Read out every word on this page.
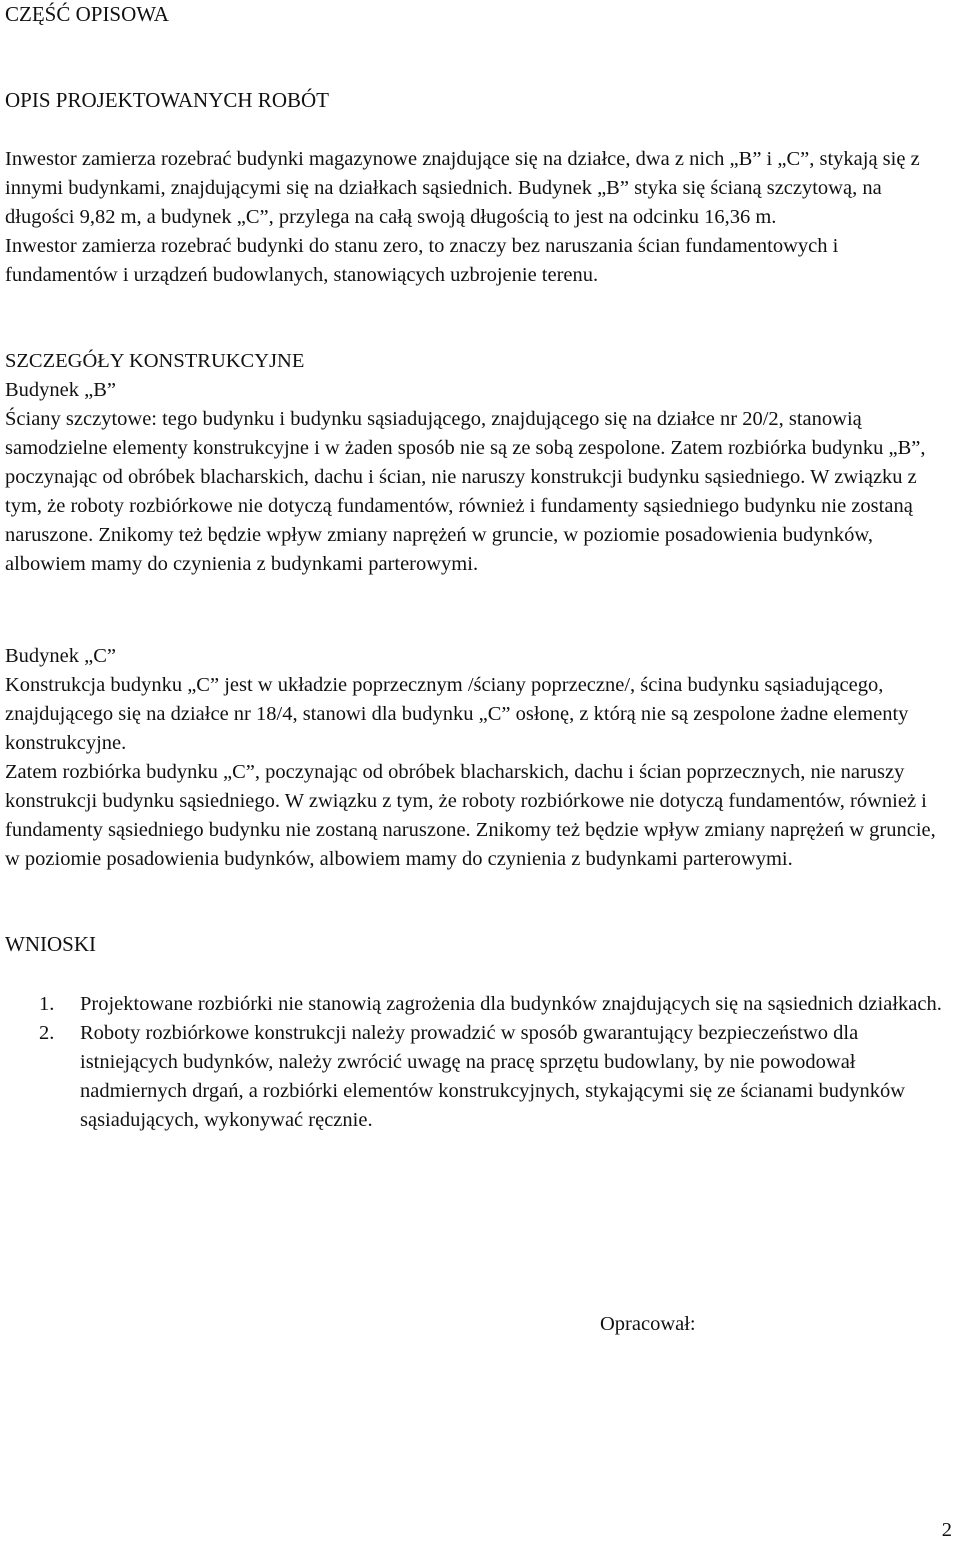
CZĘŚĆ OPISOWA
OPIS PROJEKTOWANYCH ROBÓT

Inwestor zamierza rozebrać budynki magazynowe znajdujące się na działce, dwa z nich „B” i „C”, stykają się z innymi budynkami, znajdującymi się na działkach sąsiednich. Budynek „B” styka się ścianą szczytową, na długości 9,82 m, a budynek „C”, przylega na całą swoją długością to jest na odcinku 16,36 m.

Inwestor zamierza rozebrać budynki do stanu zero, to znaczy bez naruszania ścian fundamentowych i fundamentów i urządzeń budowlanych, stanowiących uzbrojenie terenu.

SZCZEGÓŁY KONSTRUKCYJNE

Budynek „B”

Ściany szczytowe: tego budynku i budynku sąsiadującego, znajdującego się na działce nr 20/2, stanowią samodzielne elementy konstrukcyjne i w żaden sposób nie są ze sobą zespolone. Zatem rozbiórka budynku „B”, poczynając od obróbek blacharskich, dachu i ścian, nie naruszy konstrukcji budynku sąsiedniego. W związku z tym, że roboty rozbiórkowe nie dotyczą fundamentów, również i fundamenty sąsiedniego budynku nie zostaną naruszone. Znikomy też będzie wpływ zmiany naprężeń w gruncie, w poziomie posadowienia budynków, albowiem mamy do czynienia z budynkami parterowymi.

Budynek „C”

Konstrukcja budynku „C” jest w układzie poprzecznym /ściany poprzeczne/, ścina budynku sąsiadującego, znajdującego się na działce nr 18/4, stanowi dla budynku „C” osłonę, z którą nie są zespolone żadne elementy konstrukcyjne.

Zatem rozbiórka budynku „C”, poczynając od obróbek blacharskich, dachu i ścian poprzecznych, nie naruszy konstrukcji budynku sąsiedniego. W związku z tym, że roboty rozbiórkowe nie dotyczą fundamentów, również i fundamenty sąsiedniego budynku nie zostaną naruszone. Znikomy też będzie wpływ zmiany naprężeń w gruncie, w poziomie posadowienia budynków, albowiem mamy do czynienia z budynkami parterowymi.

WNIOSKI

1.	Projektowane rozbiórki nie stanowią zagrożenia dla budynków znajdujących się na sąsiednich działkach.
2.	Roboty rozbiórkowe konstrukcji należy prowadzić w sposób gwarantujący bezpieczeństwo dla istniejących budynków, należy zwrócić uwagę na pracę sprzętu budowlany, by nie powodował nadmiernych drgań, a rozbiórki elementów konstrukcyjnych, stykającymi się ze ścianami budynków sąsiadujących, wykonywać ręcznie.

Opracował:

2
